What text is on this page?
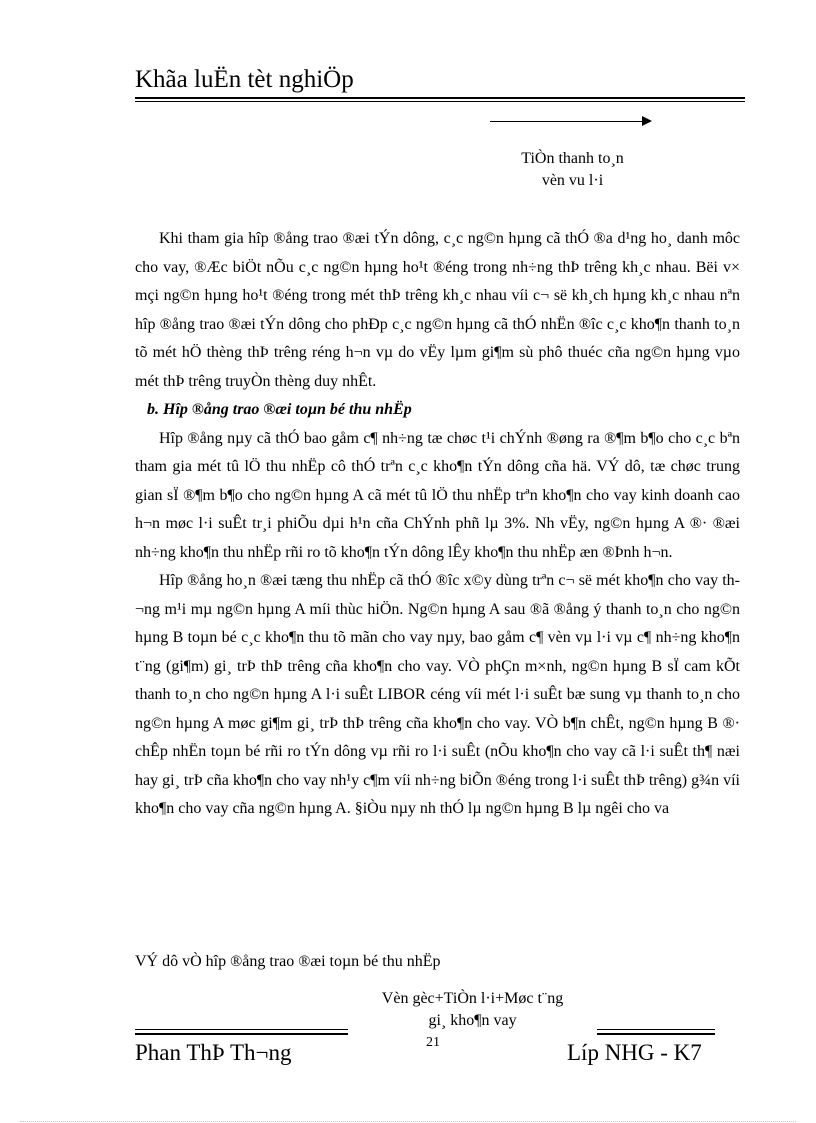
Khãa luËn tèt nghiÖp
TiÒn thanh to¸n
vèn vu l·i

Khi tham gia hîp ®ång trao ®æi tÝn dông, c¸c ng©n hµng cã thÓ ®a d¹ng ho¸ danh môc cho vay, ®Æc biÖt nÕu c¸c ng©n hµng ho¹t ®éng trong nh÷ng thÞ trêng kh¸c nhau. Bëi v× mçi ng©n hµng ho¹t ®éng trong mét thÞ trêng kh¸c nhau víi c¬ së kh¸ch hµng kh¸c nhau nªn hîp ®ång trao ®æi tÝn dông cho phÐp c¸c ng©n hµng cã thÓ nhËn ®îc c¸c kho¶n thanh to¸n tõ mét hÖ thèng thÞ trêng réng h¬n vµ do vËy lµm gi¶m sù phô thuéc cña ng©n hµng vµo mét thÞ trêng truyÒn thèng duy nhÊt.

b. Hîp ®ång trao ®æi toµn bé thu nhËp

Hîp ®ång nµy cã thÓ bao gåm c¶ nh÷ng tæ chøc t¹i chÝnh ®øng ra ®¶m b¶o cho c¸c bªn tham gia mét tû lÖ thu nhËp cô thÓ trªn c¸c kho¶n tÝn dông cña hä. VÝ dô, tæ chøc trung gian sÏ ®¶m b¶o cho ng©n hµng A cã mét tû lÖ thu nhËp trªn kho¶n cho vay kinh doanh cao h¬n møc l·i suÊt tr¸i phiÕu dµi h¹n cña ChÝnh phñ lµ 3%. Nh vËy, ng©n hµng A ®· ®æi nh÷ng kho¶n thu nhËp rñi ro tõ kho¶n tÝn dông lÊy kho¶n thu nhËp æn ®Þnh h¬n.

Hîp ®ång ho¸n ®æi tæng thu nhËp cã thÓ ®îc x©y dùng trªn c¬ së mét kho¶n cho vay th¬ng m¹i mµ ng©n hµng A míi thùc hiÖn. Ng©n hµng A sau ®ã ®ång ý thanh to¸n cho ng©n hµng B toµn bé c¸c kho¶n thu tõ mãn cho vay nµy, bao gåm c¶ vèn vµ l·i vµ c¶ nh÷ng kho¶n t¨ng (gi¶m) gi¸ trÞ thÞ trêng cña kho¶n cho vay. VÒ phÇn m×nh, ng©n hµng B sÏ cam kÕt thanh to¸n cho ng©n hµng A l·i suÊt LIBOR céng víi mét l·i suÊt bæ sung vµ thanh to¸n cho ng©n hµng A møc gi¶m gi¸ trÞ thÞ trêng cña kho¶n cho vay. VÒ b¶n chÊt, ng©n hµng B ®· chÊp nhËn toµn bé rñi ro tÝn dông vµ rñi ro l·i suÊt (nÕu kho¶n cho vay cã l·i suÊt th¶ næi hay gi¸ trÞ cña kho¶n cho vay nh¹y c¶m víi nh÷ng biÕn ®éng trong l·i suÊt thÞ trêng) g¾n víi kho¶n cho vay cña ng©n hµng A. §iÒu nµy nh thÓ lµ ng©n hµng B lµ ngêi cho va

VÝ dô vÒ hîp ®ång trao ®æi toµn bé thu nhËp
Vèn gèc+TiÒn l·i+Møc t¨ng
gi¸ kho¶n vay
Phan ThÞ Th¬ng	21	Líp NHG - K7
